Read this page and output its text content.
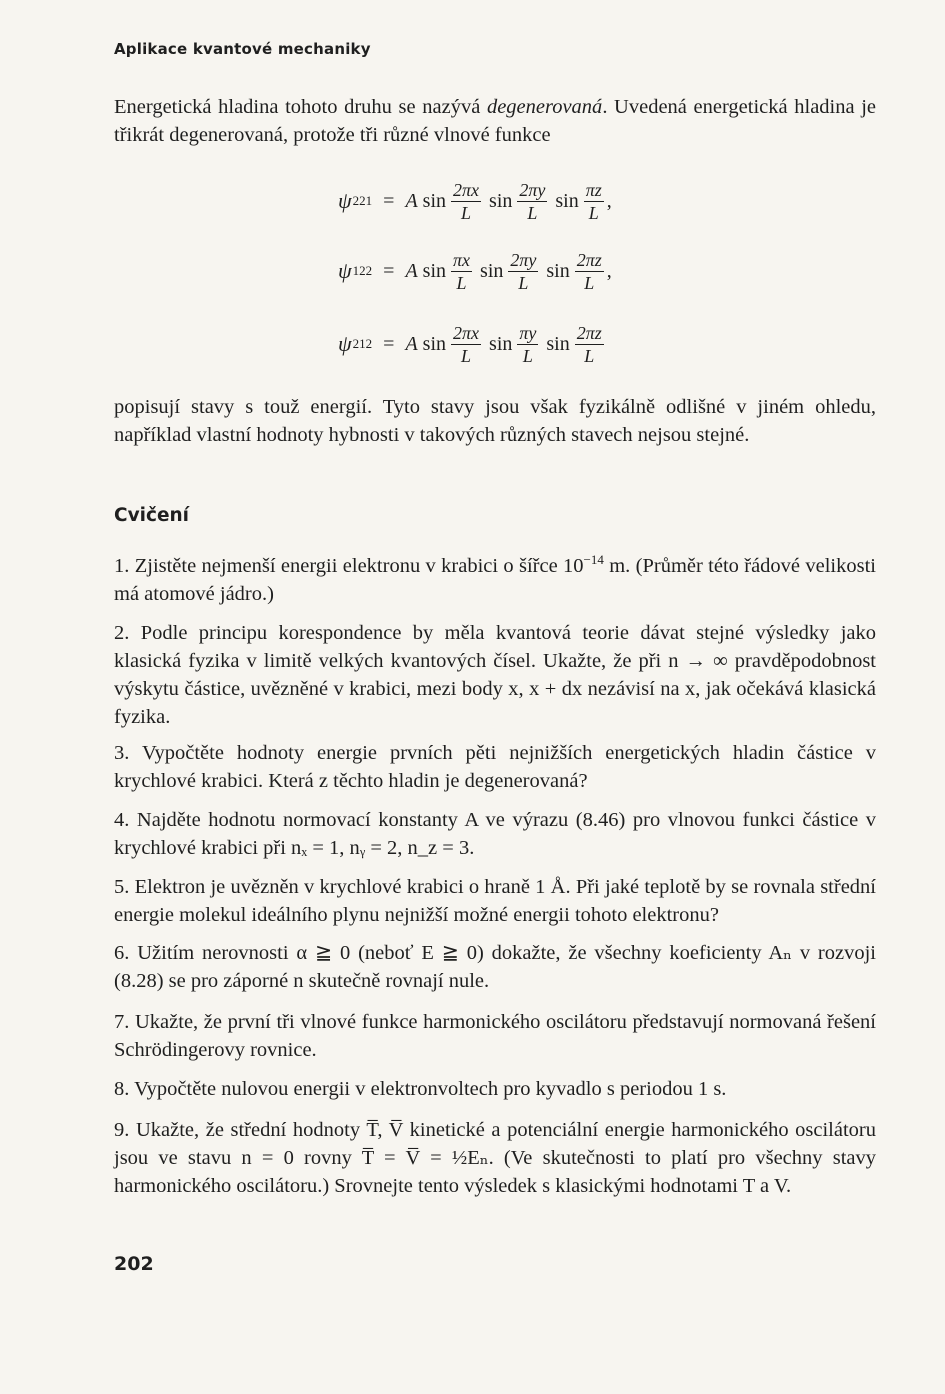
Aplikace kvantové mechaniky
Energetická hladina tohoto druhu se nazývá degenerovaná. Uvedená energetická hladina je třikrát degenerovaná, protože tři různé vlnové funkce
ψ 221 = A $\sin \frac{2\pi x}{L}$ $\sin \frac{2\pi y}{L}$ $\sin \frac{\pi z}{L}$ ,
ψ 122 = A $\sin \frac{\pi x}{L}$ $\sin \frac{2\pi y}{L}$ $\sin \frac{2\pi z}{L}$ ,
ψ 212 = A $\sin \frac{2\pi x}{L}$ $\sin \frac{\pi y}{L}$ $\sin \frac{2\pi z}{L}$
popisují stavy s touž energií. Tyto stavy jsou však fyzikálně odlišné v jiném ohledu, například vlastní hodnoty hybnosti v takových různých stavech nejsou stejné.
Cvičení
1. Zjistěte nejmenší energii elektronu v krabici o šířce $10^{-14}$ m. (Průměr této řádové velikosti má atomové jádro.)
2. Podle principu korespondence by měla kvantová teorie dávat stejné výsledky jako klasická fyzika v limitě velkých kvantových čísel. Ukažte, že při n → ∞ pravděpodobnost výskytu částice, uvězněné v krabici, mezi body x, x + dx nezávisí na x, jak očekává klasická fyzika.
3. Vypočtěte hodnoty energie prvních pěti nejnižších energetických hladin částice v krychlové krabici. Která z těchto hladin je degenerovaná?
4. Najděte hodnotu normovací konstanty A ve výrazu (8.46) pro vlnovou funkci částice v krychlové krabici při nₓ = 1, nᵧ = 2, n_z = 3.
5. Elektron je uvězněn v krychlové krabici o hraně 1 Å. Při jaké teplotě by se rovnala střední energie molekul ideálního plynu nejnižší možné energii tohoto elektronu?
6. Užitím nerovnosti α ≧ 0 (neboť E ≧ 0) dokažte, že všechny koeficienty Aₙ v rozvoji (8.28) se pro záporné n skutečně rovnají nule.
7. Ukažte, že první tři vlnové funkce harmonického oscilátoru představují normovaná řešení Schrödingerovy rovnice.
8. Vypočtěte nulovou energii v elektronvoltech pro kyvadlo s periodou 1 s.
9. Ukažte, že střední hodnoty T̅, V̅ kinetické a potenciální energie harmonického oscilátoru jsou ve stavu n = 0 rovny T̅ = V̅ = ½Eₙ. (Ve skutečnosti to platí pro všechny stavy harmonického oscilátoru.) Srovnejte tento výsledek s klasickými hodnotami T a V.
202
